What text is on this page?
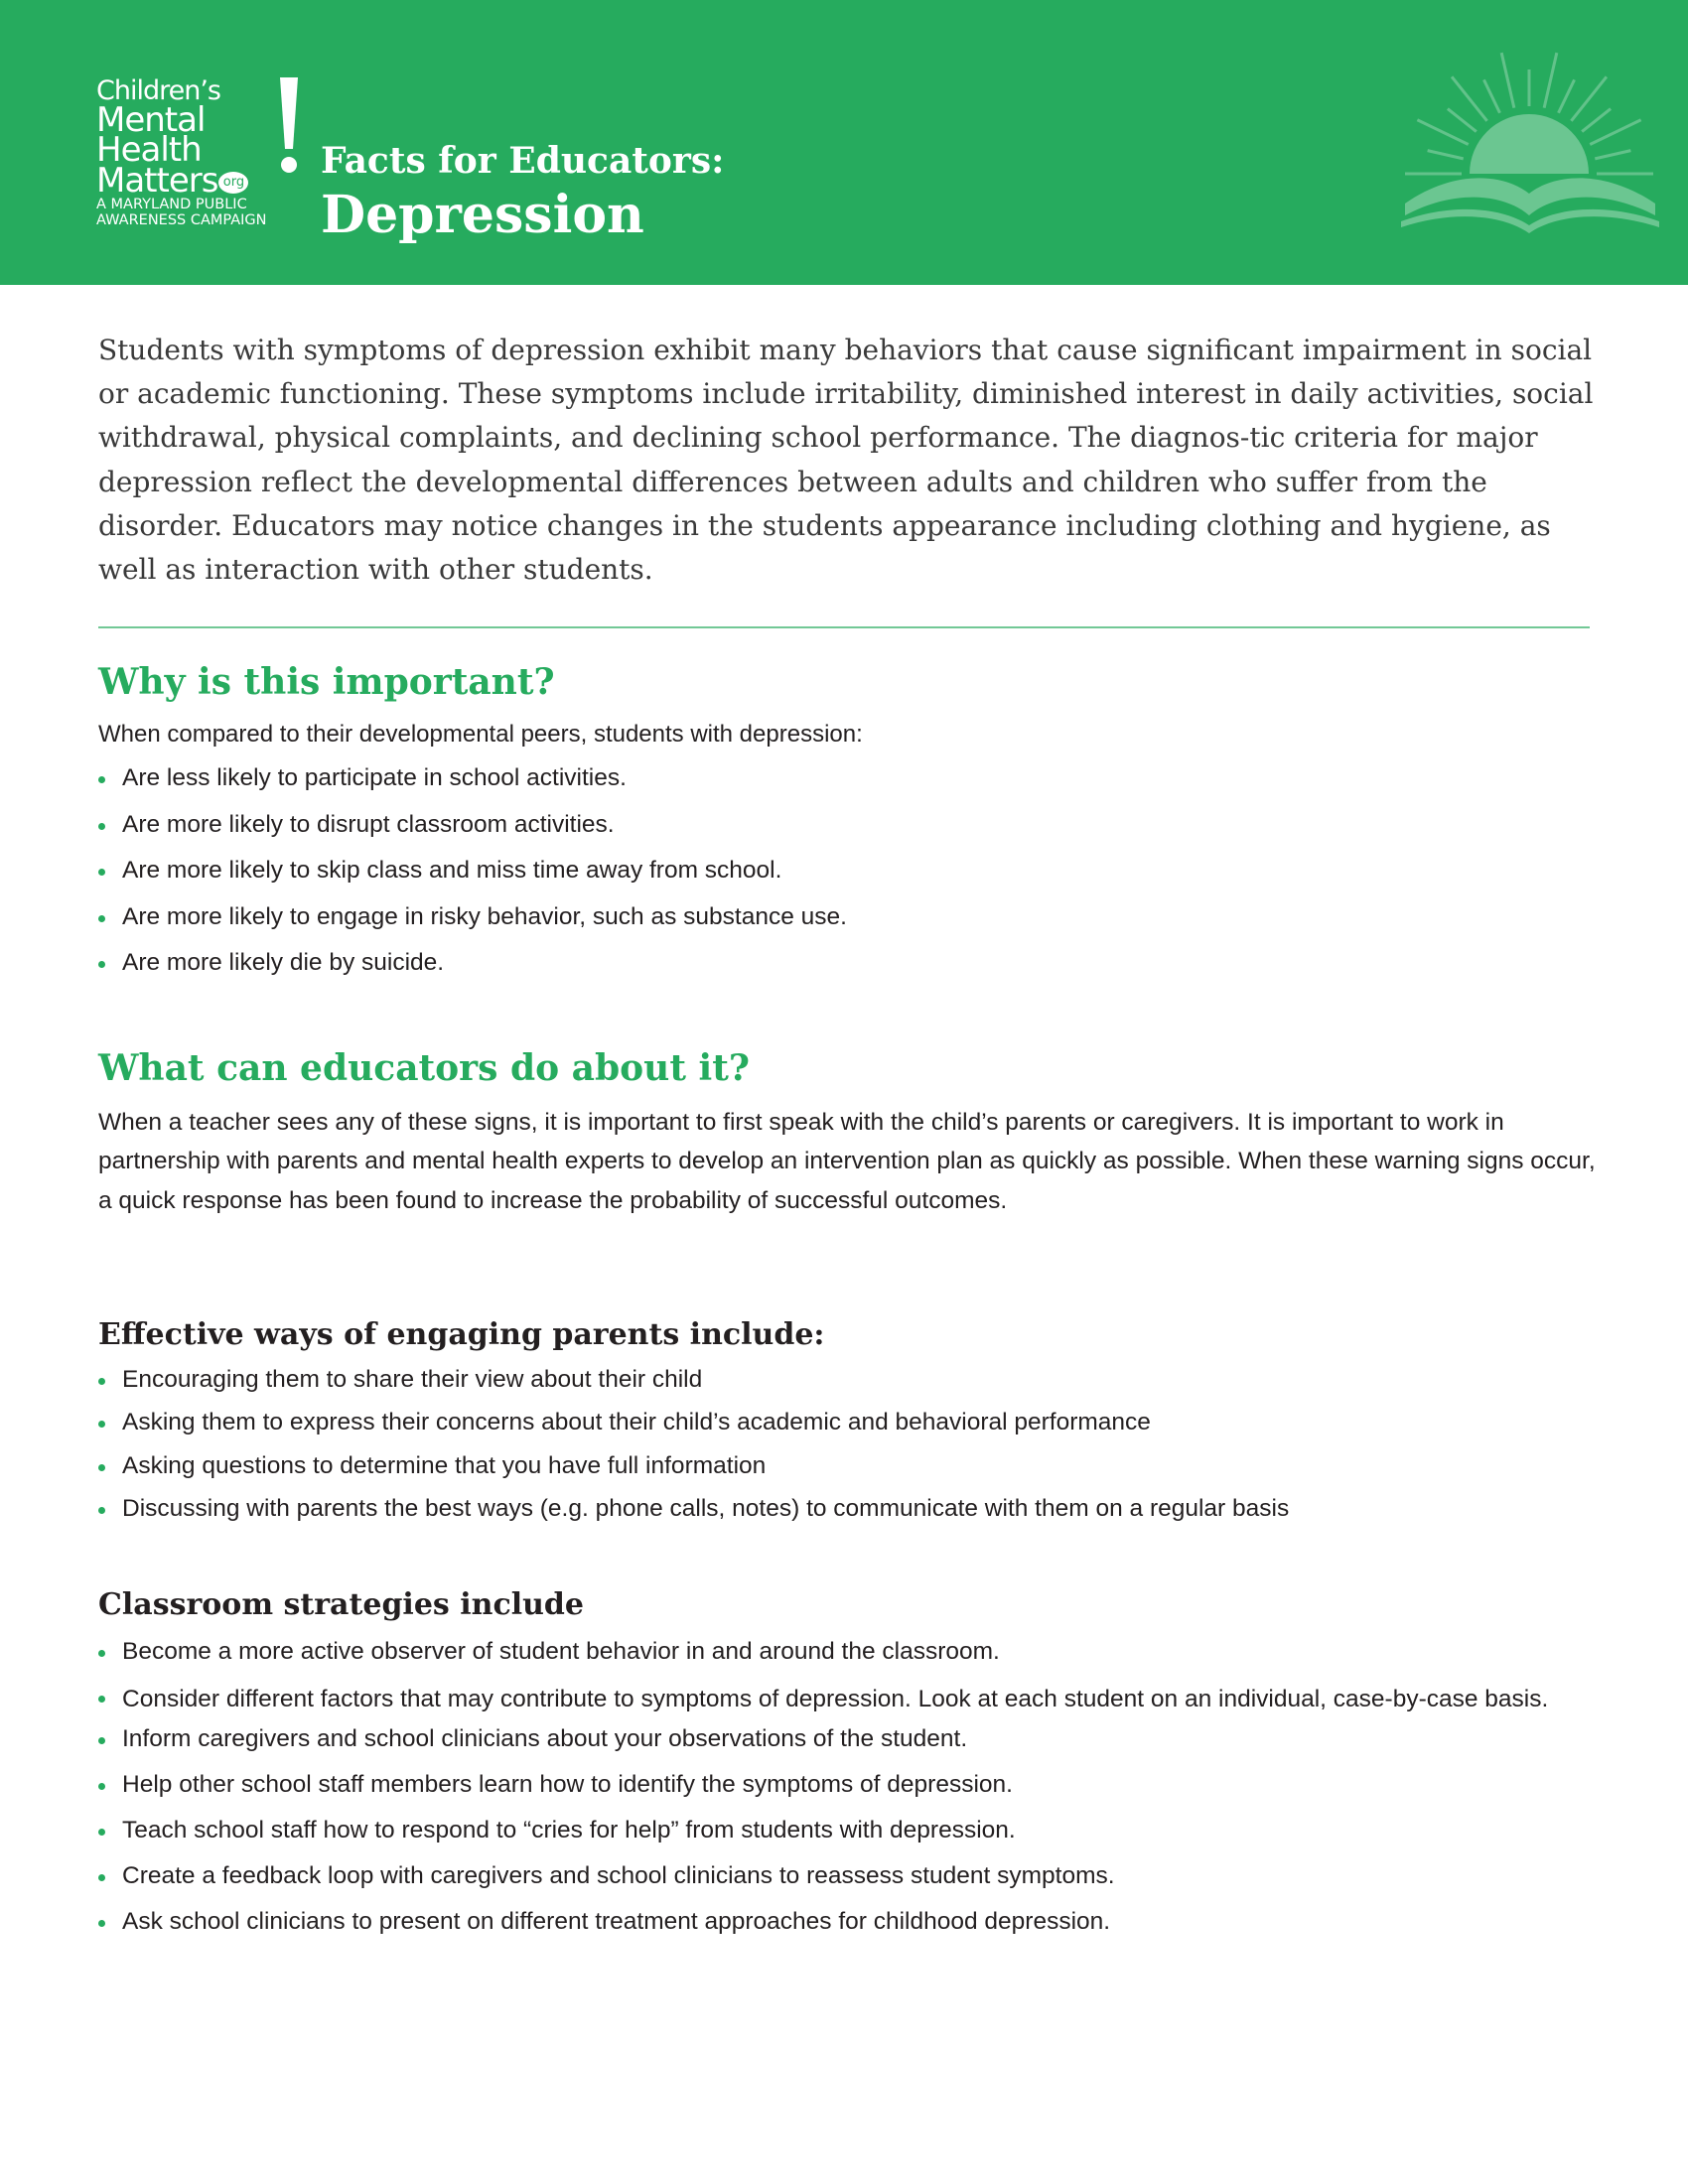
Children’s
Mental
Health
Matters org
A MARYLAND PUBLIC
AWARENESS CAMPAIGN
Facts for Educators:
Depression

Students with symptoms of depression exhibit many behaviors that cause significant impairment in social or academic functioning. These symptoms include irritability, diminished interest in daily activities, social withdrawal, physical complaints, and declining school performance. The diagnos-tic criteria for major depression reflect the developmental differences between adults and children who suffer from the disorder. Educators may notice changes in the students appearance including clothing and hygiene, as well as interaction with other students.

Why is this important?

When compared to their developmental peers, students with depression:

Are less likely to participate in school activities.
Are more likely to disrupt classroom activities.
Are more likely to skip class and miss time away from school.
Are more likely to engage in risky behavior, such as substance use.
Are more likely die by suicide.
What can educators do about it?

When a teacher sees any of these signs, it is important to first speak with the child’s parents or caregivers. It is important to work in partnership with parents and mental health experts to develop an intervention plan as quickly as possible. When these warning signs occur, a quick response has been found to increase the probability of successful outcomes.

Effective ways of engaging parents include:
Encouraging them to share their view about their child
Asking them to express their concerns about their child’s academic and behavioral performance
Asking questions to determine that you have full information
Discussing with parents the best ways (e.g. phone calls, notes) to communicate with them on a regular basis
Classroom strategies include
Become a more active observer of student behavior in and around the classroom.
Consider different factors that may contribute to symptoms of depression. Look at each student on an individual, case-by-case basis.
Inform caregivers and school clinicians about your observations of the student.
Help other school staff members learn how to identify the symptoms of depression.
Teach school staff how to respond to “cries for help” from students with depression.
Create a feedback loop with caregivers and school clinicians to reassess student symptoms.
Ask school clinicians to present on different treatment approaches for childhood depression.
